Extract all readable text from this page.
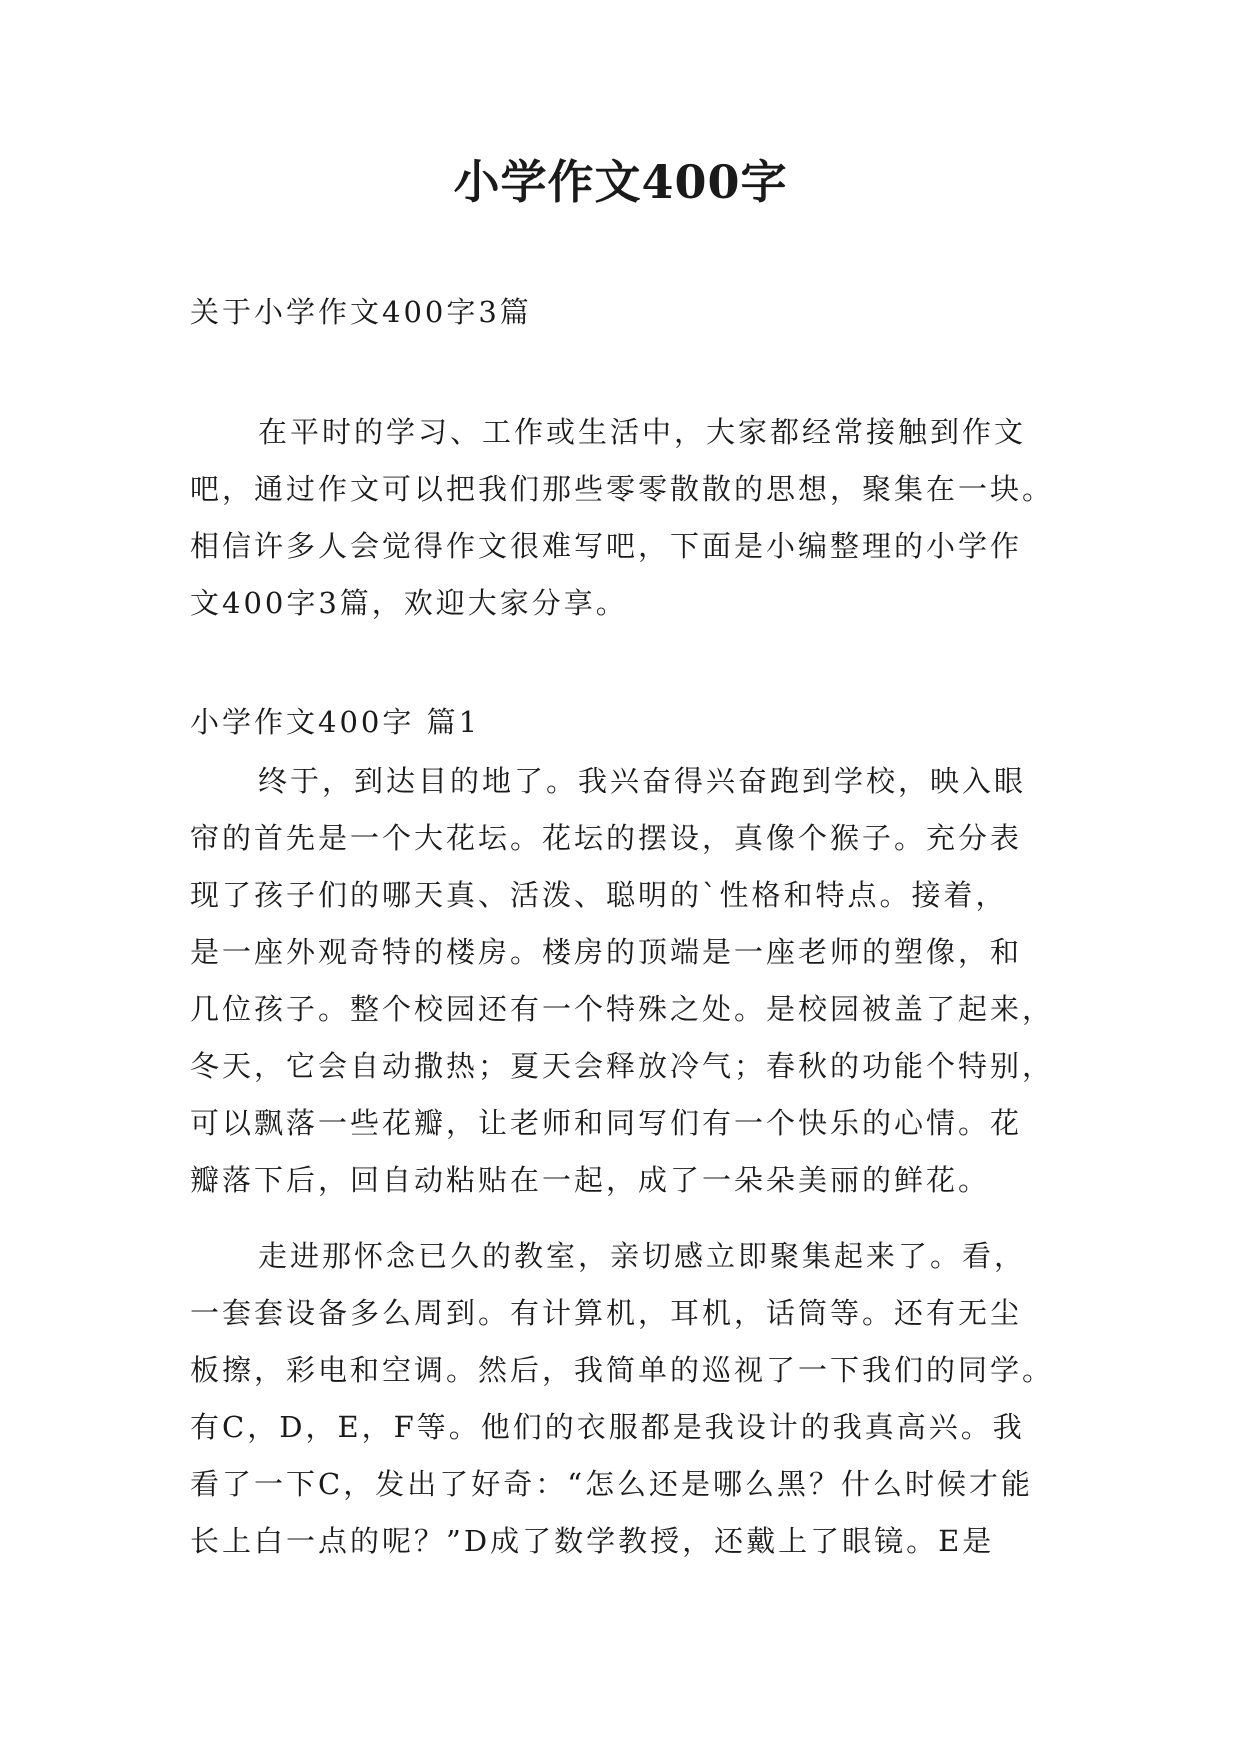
小学作文400字

关于小学作文400字3篇

在平时的学习、工作或生活中，大家都经常接触到作文
吧，通过作文可以把我们那些零零散散的思想，聚集在一块。
相信许多人会觉得作文很难写吧，下面是小编整理的小学作
文400字3篇，欢迎大家分享。

小学作文400字 篇1

终于，到达目的地了。我兴奋得兴奋跑到学校，映入眼
帘的首先是一个大花坛。花坛的摆设，真像个猴子。充分表
现了孩子们的哪天真、活泼、聪明的`性格和特点。接着，
是一座外观奇特的楼房。楼房的顶端是一座老师的塑像，和
几位孩子。整个校园还有一个特殊之处。是校园被盖了起来，
冬天，它会自动撒热；夏天会释放冷气；春秋的功能个特别，
可以飘落一些花瓣，让老师和同写们有一个快乐的心情。花
瓣落下后，回自动粘贴在一起，成了一朵朵美丽的鲜花。
走进那怀念已久的教室，亲切感立即聚集起来了。看，
一套套设备多么周到。有计算机，耳机，话筒等。还有无尘
板擦，彩电和空调。然后，我简单的巡视了一下我们的同学。
有C，D，E，F等。他们的衣服都是我设计的我真高兴。我
看了一下C，发出了好奇：“怎么还是哪么黑？什么时候才能
长上白一点的呢？”D成了数学教授，还戴上了眼镜。E是
